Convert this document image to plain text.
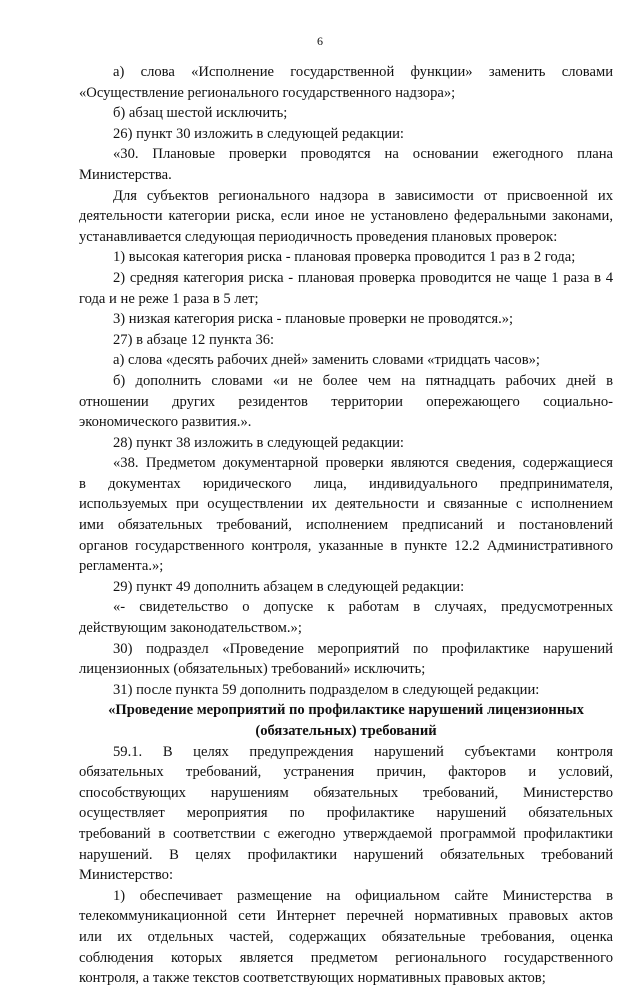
6
а) слова «Исполнение государственной функции» заменить словами
«Осуществление регионального государственного надзора»;
б) абзац шестой исключить;
26) пункт 30 изложить в следующей редакции:
«30. Плановые проверки проводятся на основании ежегодного плана
Министерства.
Для субъектов регионального надзора в зависимости от присвоенной их
деятельности категории риска, если иное не установлено федеральными законами,
устанавливается следующая периодичность проведения плановых проверок:
1) высокая категория риска - плановая проверка проводится 1 раз в 2 года;
2) средняя категория риска - плановая проверка проводится не чаще 1 раза в 4
года и не реже 1 раза в 5 лет;
3) низкая категория риска - плановые проверки не проводятся.»;
27) в абзаце 12 пункта 36:
а) слова «десять рабочих дней» заменить словами «тридцать часов»;
б) дополнить словами «и не более чем на пятнадцать рабочих дней в
отношении других резидентов территории опережающего социально-
экономического развития.».
28) пункт 38 изложить в следующей редакции:
«38. Предметом документарной проверки являются сведения, содержащиеся
в документах юридического лица, индивидуального предпринимателя,
используемых при осуществлении их деятельности и связанные с исполнением
ими обязательных требований, исполнением предписаний и постановлений
органов государственного контроля, указанные в пункте 12.2 Административного
регламента.»;
29) пункт 49 дополнить абзацем в следующей редакции:
«- свидетельство о допуске к работам в случаях, предусмотренных
действующим законодательством.»;
30) подраздел «Проведение мероприятий по профилактике нарушений
лицензионных (обязательных) требований» исключить;
31) после пункта 59 дополнить подразделом в следующей редакции:
«Проведение мероприятий по профилактике нарушений лицензионных
(обязательных) требований
59.1. В целях предупреждения нарушений субъектами контроля
обязательных требований, устранения причин, факторов и условий,
способствующих нарушениям обязательных требований, Министерство
осуществляет мероприятия по профилактике нарушений обязательных
требований в соответствии с ежегодно утверждаемой программой профилактики
нарушений. В целях профилактики нарушений обязательных требований
Министерство:
1) обеспечивает размещение на официальном сайте Министерства в
телекоммуникационной сети Интернет перечней нормативных правовых актов
или их отдельных частей, содержащих обязательные требования, оценка
соблюдения которых является предметом регионального государственного
контроля, а также текстов соответствующих нормативных правовых актов;
